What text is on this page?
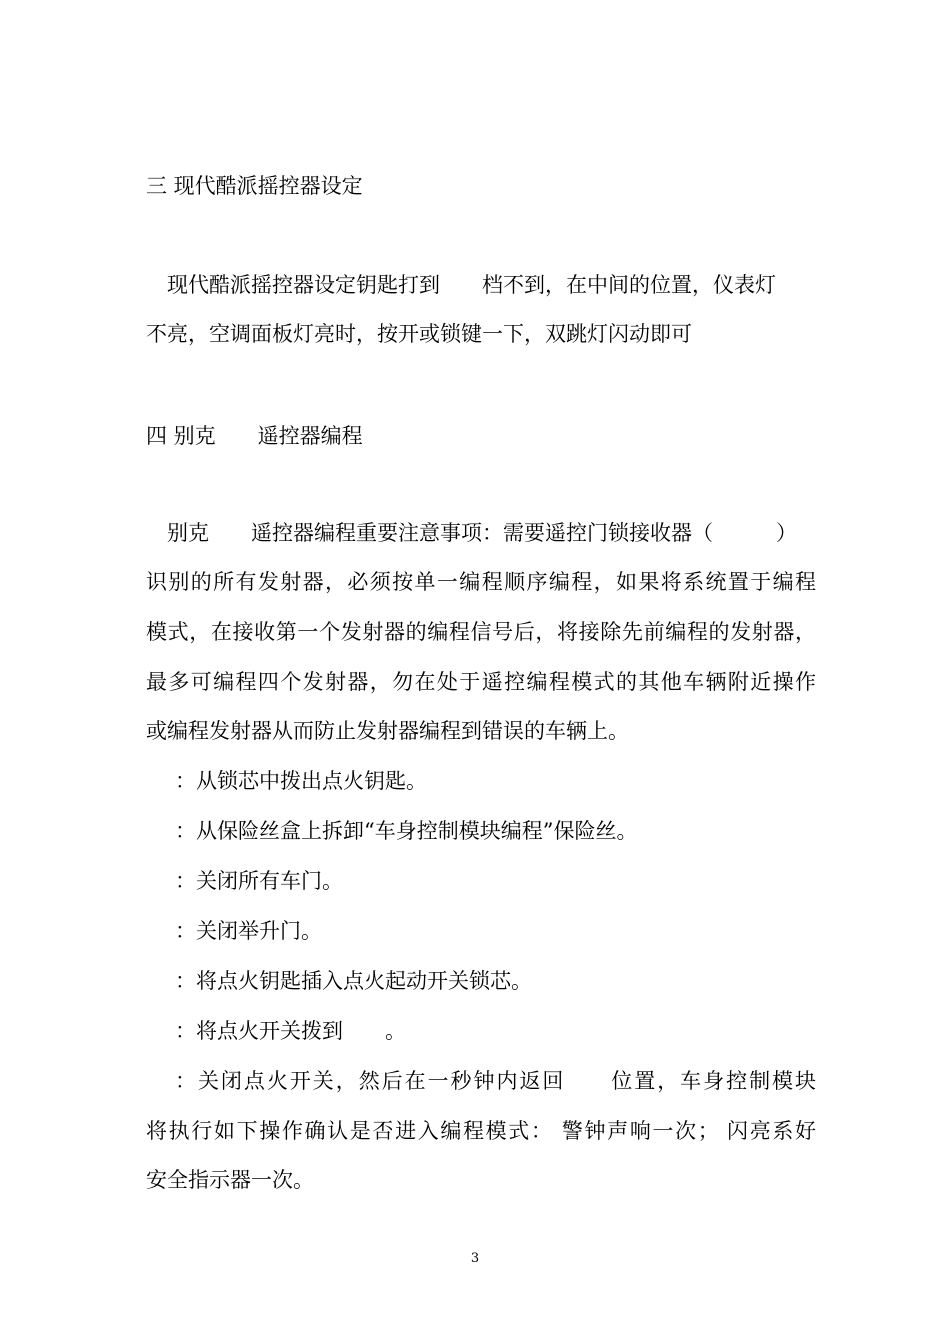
三 现代酷派摇控器设定
现代酷派摇控器设定钥匙打到　　档不到，在中间的位置，仪表灯
不亮，空调面板灯亮时，按开或锁键一下，双跳灯闪动即可
四 别克　　遥控器编程
别克　　遥控器编程重要注意事项：需要遥控门锁接收器（　　　）
识别的所有发射器，必须按单一编程顺序编程，如果将系统置于编程
模式，在接收第一个发射器的编程信号后，将接除先前编程的发射器，
最多可编程四个发射器，勿在处于遥控编程模式的其他车辆附近操作
或编程发射器从而防止发射器编程到错误的车辆上。
：从锁芯中拨出点火钥匙。
：从保险丝盒上拆卸“车身控制模块编程”保险丝。
：关闭所有车门。
：关闭举升门。
：将点火钥匙插入点火起动开关锁芯。
：将点火开关拨到　　。
：关闭点火开关，然后在一秒钟内返回　　位置，车身控制模块
将执行如下操作确认是否进入编程模式： 警钟声响一次； 闪亮系好
安全指示器一次。
3
